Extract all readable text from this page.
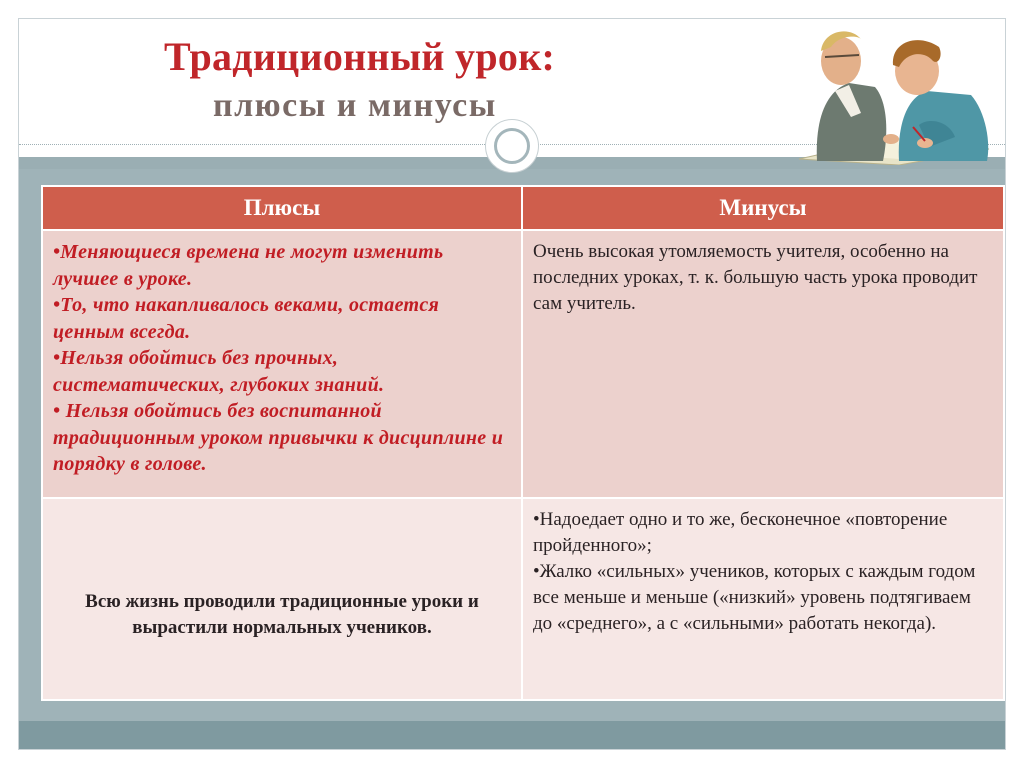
Традиционный урок:
плюсы и минусы
Плюсы	Минусы

•Меняющиеся времена не могут изменить лучшее в уроке.
•То, что накапливалось веками, остается ценным всегда.
•Нельзя обойтись без прочных, систематических, глубоких знаний.
• Нельзя обойтись без воспитанной традиционным уроком привычки к дисциплине и порядку в голове.	Очень высокая утомляемость учителя, особенно на последних уроках, т. к. большую часть урока проводит сам учитель.
Всю жизнь проводили традиционные уроки и вырастили нормальных учеников.	•Надоедает одно и то же, бесконечное «повторение пройденного»;
•Жалко «сильных» учеников, которых с каждым годом все меньше и меньше («низкий» уровень подтягиваем до «среднего», а с «сильными» работать некогда).
